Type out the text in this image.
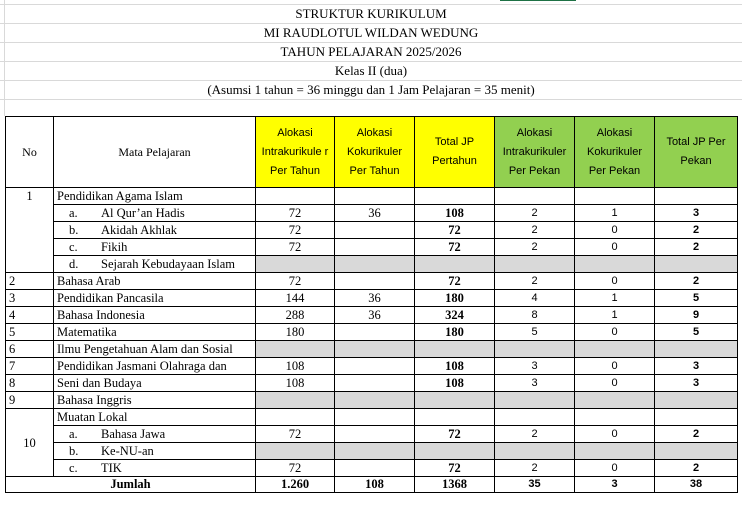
STRUKTUR KURIKULUM
MI RAUDLOTUL WILDAN WEDUNG
TAHUN PELAJARAN 2025/2026
Kelas II (dua)
(Asumsi 1 tahun = 36 minggu dan 1 Jam Pelajaran = 35 menit)
No	Mata Pelajaran	Alokasi Intrakurikule r Per Tahun	Alokasi Kokurikuler Per Tahun	Total JP Pertahun	Alokasi Intrakurikuler Per Pekan	Alokasi Kokurikuler Per Pekan	Total JP Per Pekan
1	Pendidikan Agama Islam						
	a. Al Qur’an Hadis	72	36	108	2	1	3
	b. Akidah Akhlak	72		72	2	0	2
	c. Fikih	72		72	2	0	2
	d. Sejarah Kebudayaan Islam						
2	Bahasa Arab	72		72	2	0	2
3	Pendidikan Pancasila	144	36	180	4	1	5
4	Bahasa Indonesia	288	36	324	8	1	9
5	Matematika	180		180	5	0	5
6	Ilmu Pengetahuan Alam dan Sosial						
7	Pendidikan Jasmani Olahraga dan	108		108	3	0	3
8	Seni dan Budaya	108		108	3	0	3
9	Bahasa Inggris						
10	Muatan Lokal						
	a. Bahasa Jawa	72		72	2	0	2
	b. Ke-NU-an						
	c. TIK	72		72	2	0	2
Jumlah		1.260	108	1368	35	3	38
